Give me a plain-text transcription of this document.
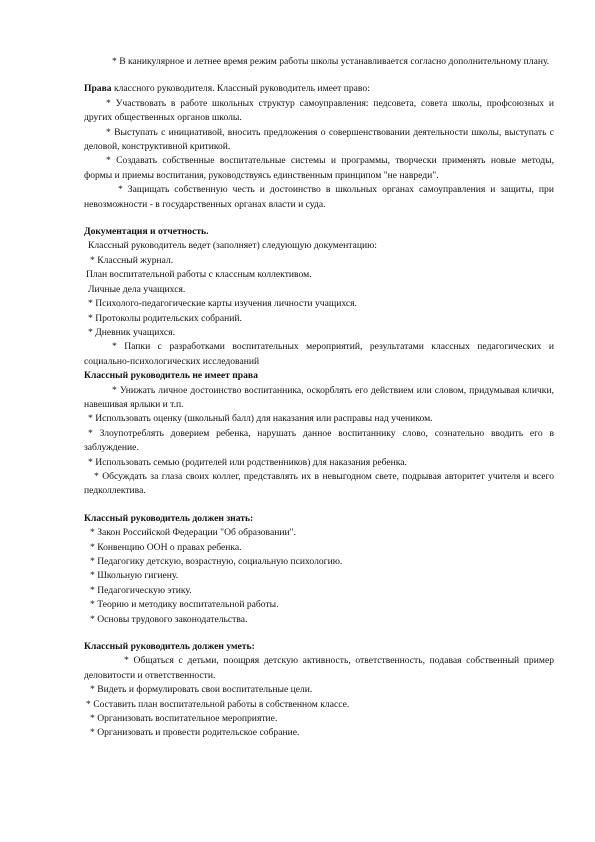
* В каникулярное и летнее время режим работы школы устанавливается согласно дополнительному плану.

Права классного руководителя. Классный руководитель имеет право:

* Участвовать в работе школьных структур самоуправления: педсовета, совета школы, профсоюзных и других общественных органов школы.

* Выступать с инициативой, вносить предложения о совершенствовании деятельности школы, выступать с деловой, конструктивной критикой.

* Создавать собственные воспитательные системы и программы, творчески применять новые методы, формы и приемы воспитания, руководствуясь единственным принципом "не навреди".

* Защищать собственную честь и достоинство в школьных органах самоуправления и защиты, при невозможности - в государственных органах власти и суда.

Документация и отчетность.

Классный руководитель ведет (заполняет) следующую документацию:

* Классный журнал.

План воспитательной работы с классным коллективом.

Личные дела учащихся.

* Психолого-педагогические карты изучения личности учащихся.

* Протоколы родительских собраний.

* Дневник учащихся.

* Папки с разработками воспитательных мероприятий, результатами классных педагогических и социально-психологических исследований

Классный руководитель не имеет права

* Унижать личное достоинство воспитанника, оскорблять его действием или словом, придумывая клички, навешивая ярлыки и т.п.

* Использовать оценку (школьный балл) для наказания или расправы над учеником.

* Злоупотреблять доверием ребенка, нарушать данное воспитаннику слово, сознательно вводить его в заблуждение.

* Использовать семью (родителей или родственников) для наказания ребенка.

* Обсуждать за глаза своих коллег, представлять их в невыгодном свете, подрывая авторитет учителя и всего педколлектива.

Классный руководитель должен знать:

* Закон Российской Федерации "Об образовании".

* Конвенцию ООН о правах ребенка.

* Педагогику детскую, возрастную, социальную психологию.

* Школьную гигиену.

* Педагогическую этику.

* Теорию и методику воспитательной работы.

* Основы трудового законодательства.

Классный руководитель должен уметь:

* Общаться с детьми, поощряя детскую активность, ответственность, подавая собственный пример деловитости и ответственности.

* Видеть и формулировать свои воспитательные цели.

* Составить план воспитательной работы в собственном классе.

* Организовать воспитательное мероприятие.

* Организовать и провести родительское собрание.
